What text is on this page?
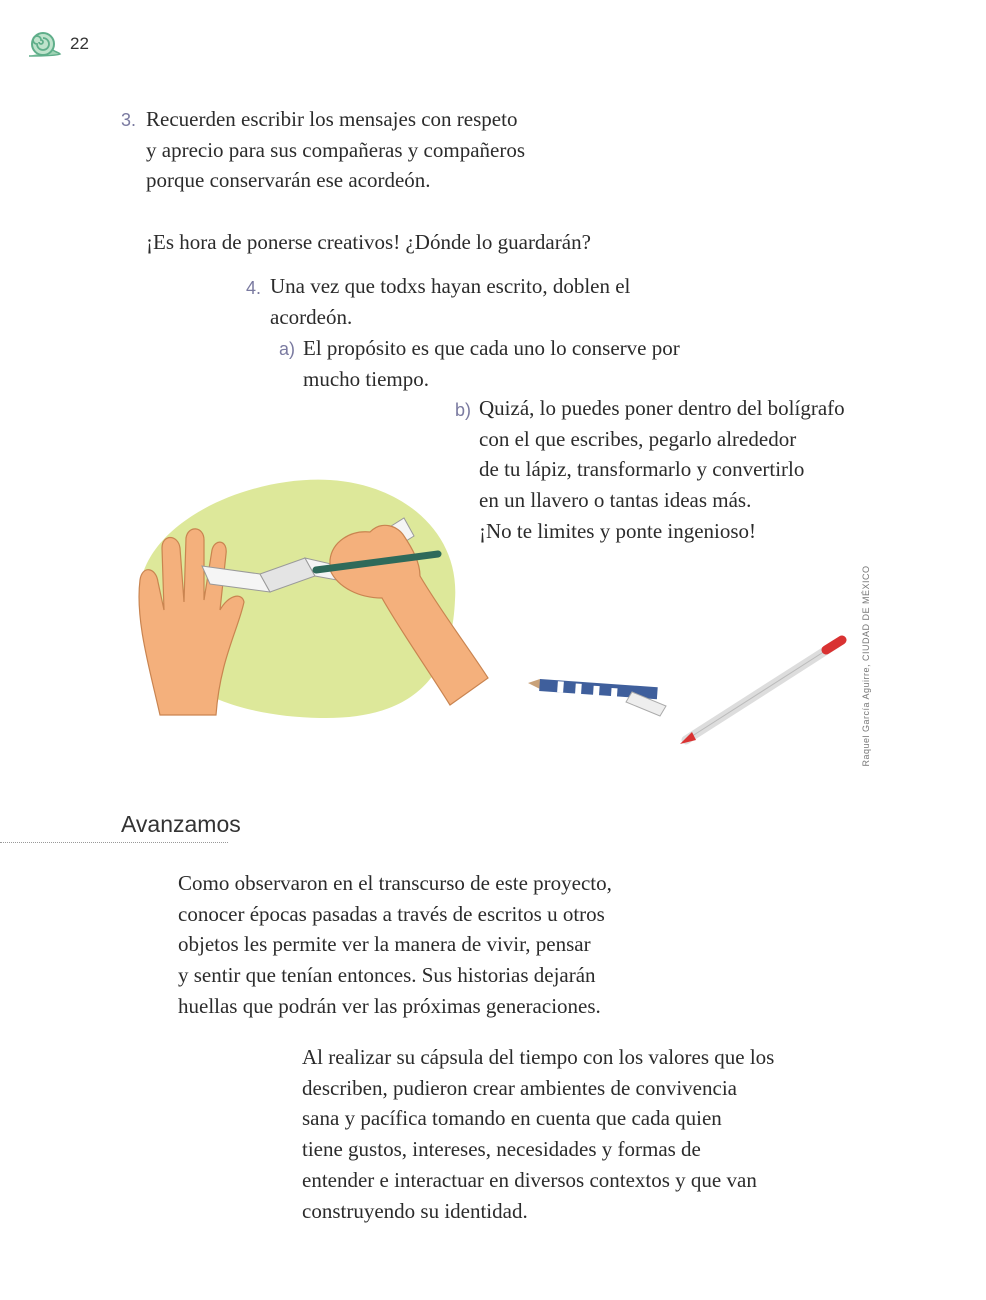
22
3. Recuerden escribir los mensajes con respeto
y aprecio para sus compañeras y compañeros
porque conservarán ese acordeón.
¡Es hora de ponerse creativos! ¿Dónde lo guardarán?
4. Una vez que todxs hayan escrito, doblen el
acordeón.
a) El propósito es que cada uno lo conserve por
mucho tiempo.
b) Quizá, lo puedes poner dentro del bolígrafo
con el que escribes, pegarlo alrededor
de tu lápiz, transformarlo y convertirlo
en un llavero o tantas ideas más.
¡No te limites y ponte ingenioso!
Raquel García Aguirre, CIUDAD DE MÉXICO
Avanzamos
Como observaron en el transcurso de este proyecto,
conocer épocas pasadas a través de escritos u otros
objetos les permite ver la manera de vivir, pensar
y sentir que tenían entonces. Sus historias dejarán
huellas que podrán ver las próximas generaciones.
Al realizar su cápsula del tiempo con los valores que los
describen, pudieron crear ambientes de convivencia
sana y pacífica tomando en cuenta que cada quien
tiene gustos, intereses, necesidades y formas de
entender e interactuar en diversos contextos y que van
construyendo su identidad.
